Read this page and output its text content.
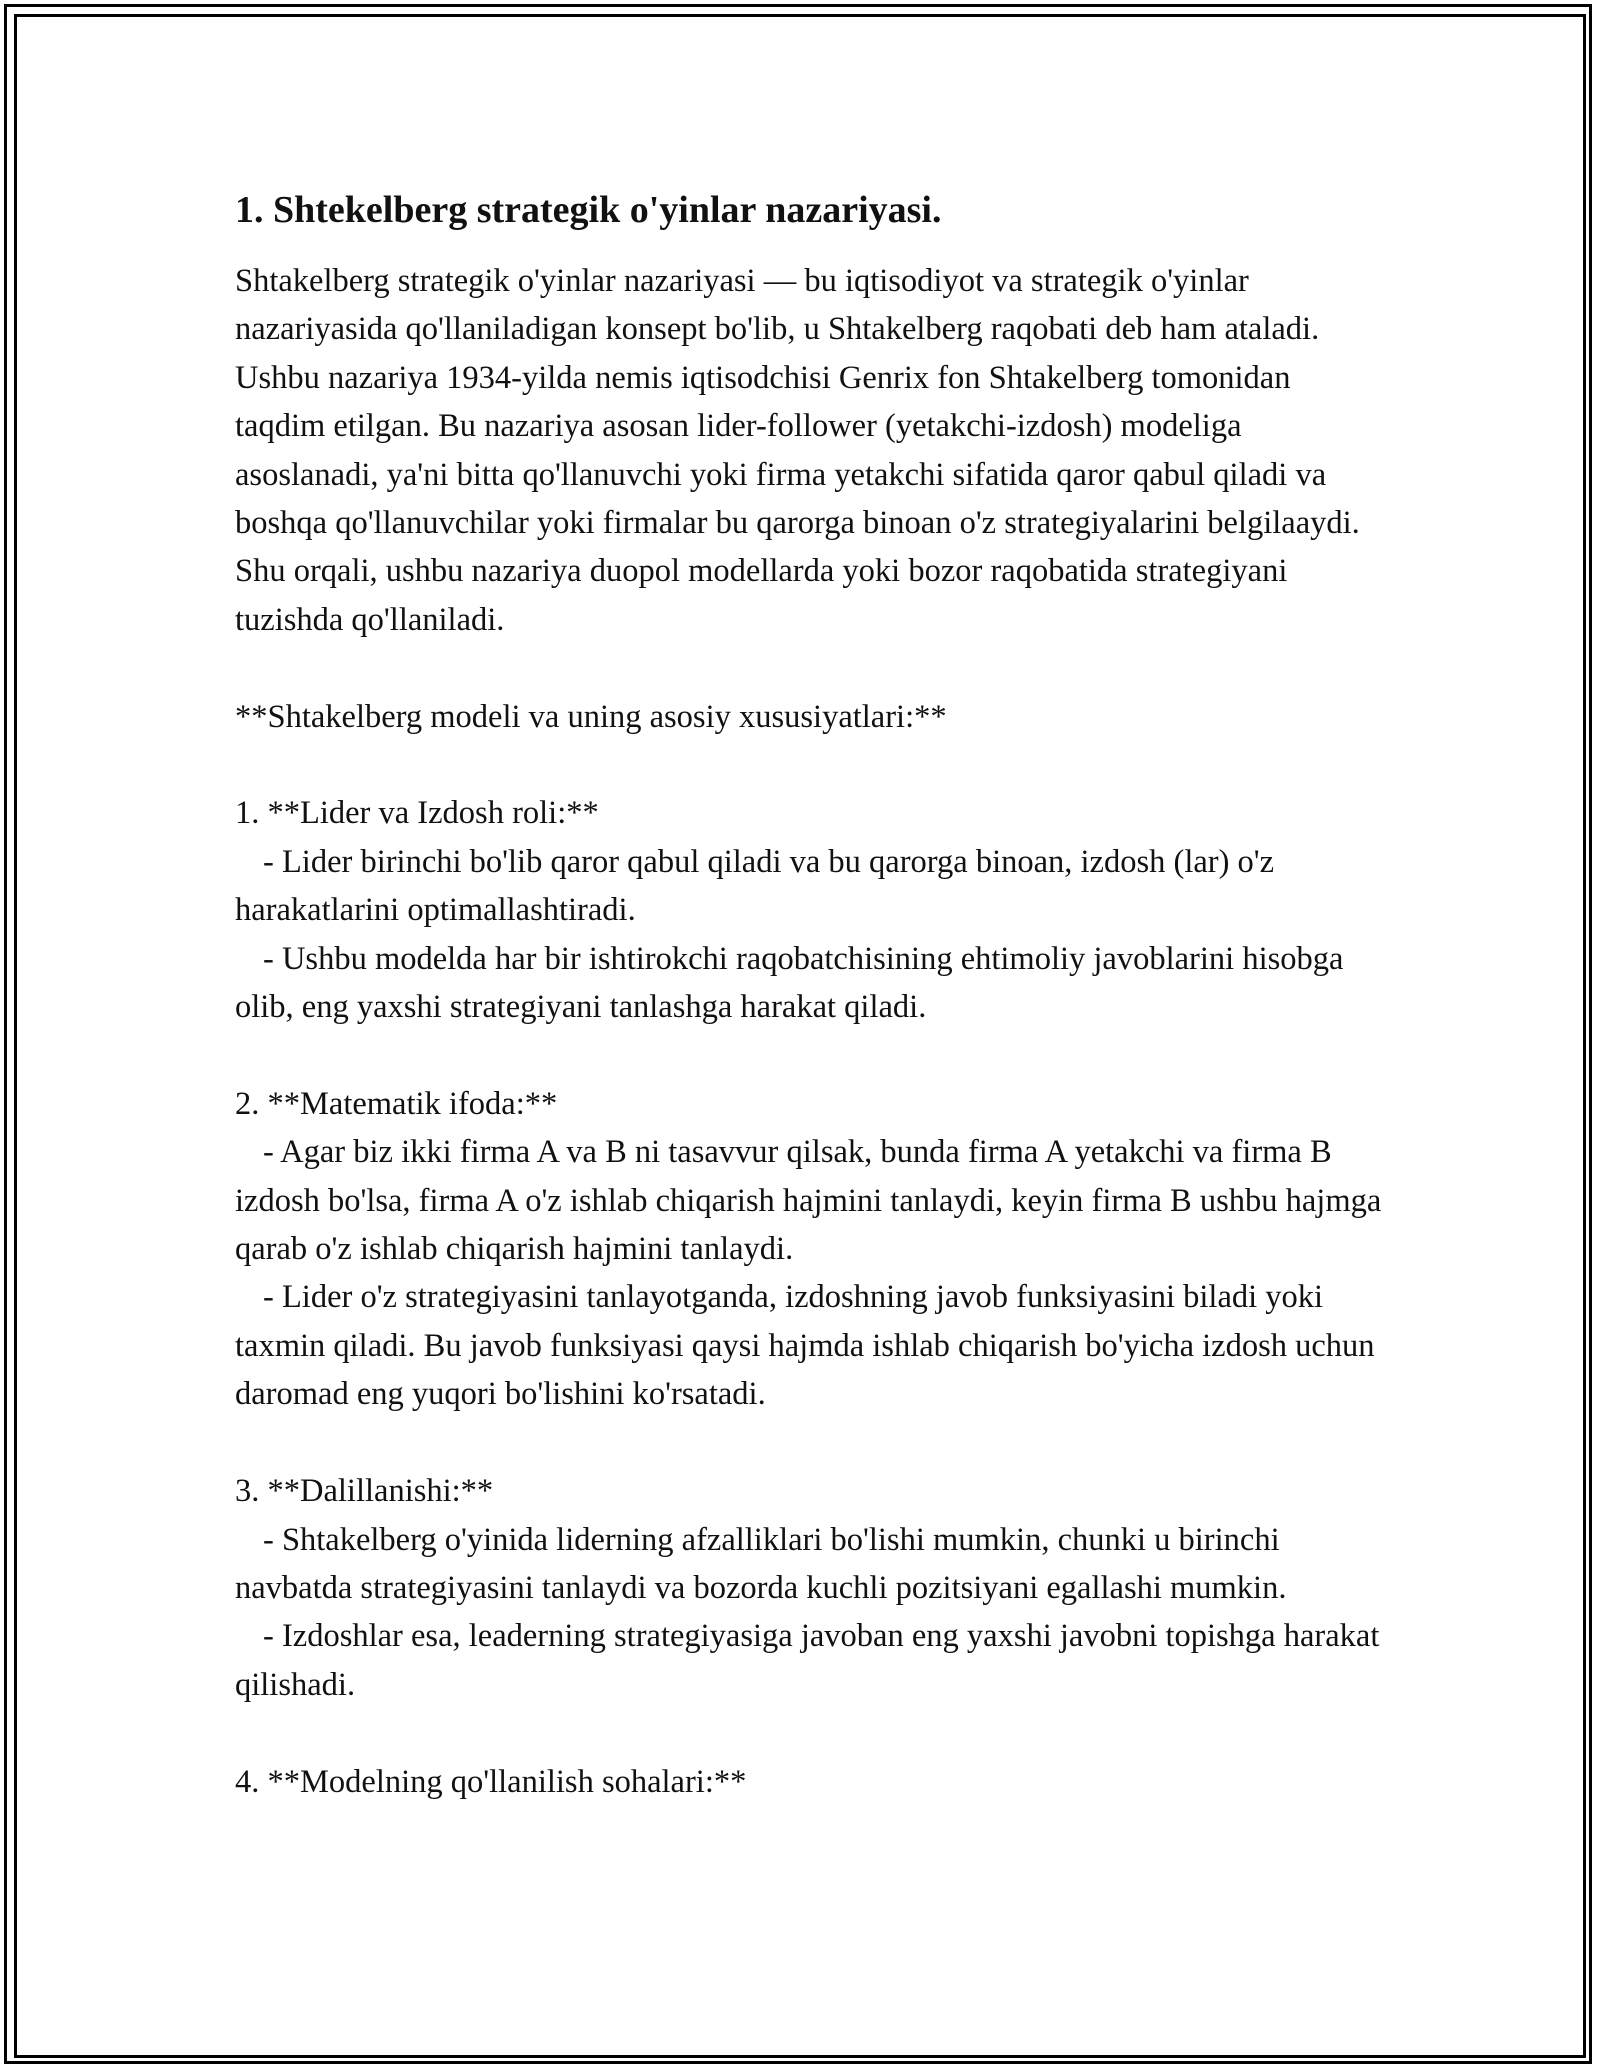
1. Shtekelberg strategik o'yinlar nazariyasi.

Shtakelberg strategik o'yinlar nazariyasi — bu iqtisodiyot va strategik o'yinlar nazariyasida qo'llaniladigan konsept bo'lib, u Shtakelberg raqobati deb ham ataladi. Ushbu nazariya 1934-yilda nemis iqtisodchisi Genrix fon Shtakelberg tomonidan taqdim etilgan. Bu nazariya asosan lider-follower (yetakchi-izdosh) modeliga asoslanadi, ya'ni bitta qo'llanuvchi yoki firma yetakchi sifatida qaror qabul qiladi va boshqa qo'llanuvchilar yoki firmalar bu qarorga binoan o'z strategiyalarini belgilaaydi. Shu orqali, ushbu nazariya duopol modellarda yoki bozor raqobatida strategiyani tuzishda qo'llaniladi.

**Shtakelberg modeli va uning asosiy xususiyatlari:**

1. **Lider va Izdosh roli:**

- Lider birinchi bo'lib qaror qabul qiladi va bu qarorga binoan, izdosh (lar) o'z harakatlarini optimallashtiradi.

- Ushbu modelda har bir ishtirokchi raqobatchisining ehtimoliy javoblarini hisobga olib, eng yaxshi strategiyani tanlashga harakat qiladi.

2. **Matematik ifoda:**

- Agar biz ikki firma A va B ni tasavvur qilsak, bunda firma A yetakchi va firma B izdosh bo'lsa, firma A o'z ishlab chiqarish hajmini tanlaydi, keyin firma B ushbu hajmga qarab o'z ishlab chiqarish hajmini tanlaydi.

- Lider o'z strategiyasini tanlayotganda, izdoshning javob funksiyasini biladi yoki taxmin qiladi. Bu javob funksiyasi qaysi hajmda ishlab chiqarish bo'yicha izdosh uchun daromad eng yuqori bo'lishini ko'rsatadi.

3. **Dalillanishi:**

- Shtakelberg o'yinida liderning afzalliklari bo'lishi mumkin, chunki u birinchi navbatda strategiyasini tanlaydi va bozorda kuchli pozitsiyani egallashi mumkin.

- Izdoshlar esa, leaderning strategiyasiga javoban eng yaxshi javobni topishga harakat qilishadi.

4. **Modelning qo'llanilish sohalari:**
